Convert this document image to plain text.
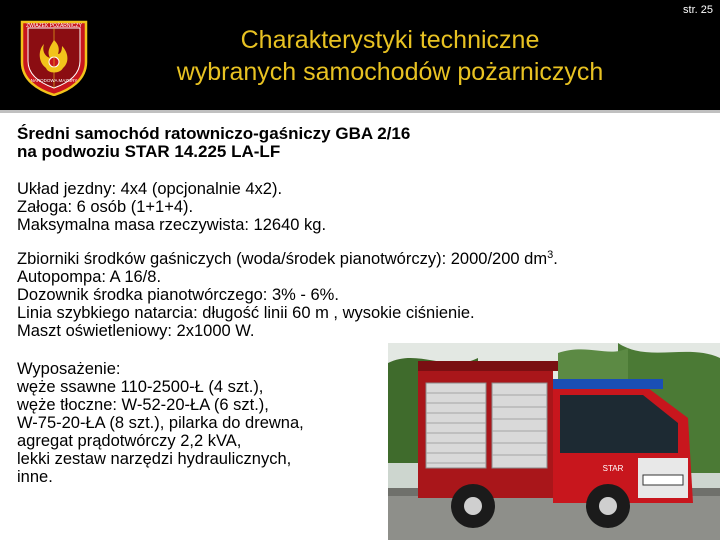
ZWIĄZEK POŻARNICZY
NARODOWA MAZURY
Charakterystyki techniczne
wybranych samochodów pożarniczych
str. 25
Średni samochód ratowniczo-gaśniczy GBA 2/16
na podwoziu STAR 14.225 LA-LF
Układ jezdny: 4x4 (opcjonalnie 4x2).
Załoga: 6 osób (1+1+4).
Maksymalna masa rzeczywista: 12640 kg.
Zbiorniki środków gaśniczych (woda/środek pianotwórczy): 2000/200 $dm^3$.
Autopompa: A 16/8.
Dozownik środka pianotwórczego: 3% - 6%.
Linia szybkiego natarcia: długość linii 60 m , wysokie ciśnienie.
Maszt oświetleniowy: 2x1000 W.
Wyposażenie:
węże ssawne 110-2500-Ł (4 szt.),
węże tłoczne: W-52-20-ŁA (6 szt.),
W-75-20-ŁA (8 szt.), pilarka do drewna,
agregat prądotwórczy 2,2 kVA,
lekki zestaw narzędzi hydraulicznych,
inne.	STAR
